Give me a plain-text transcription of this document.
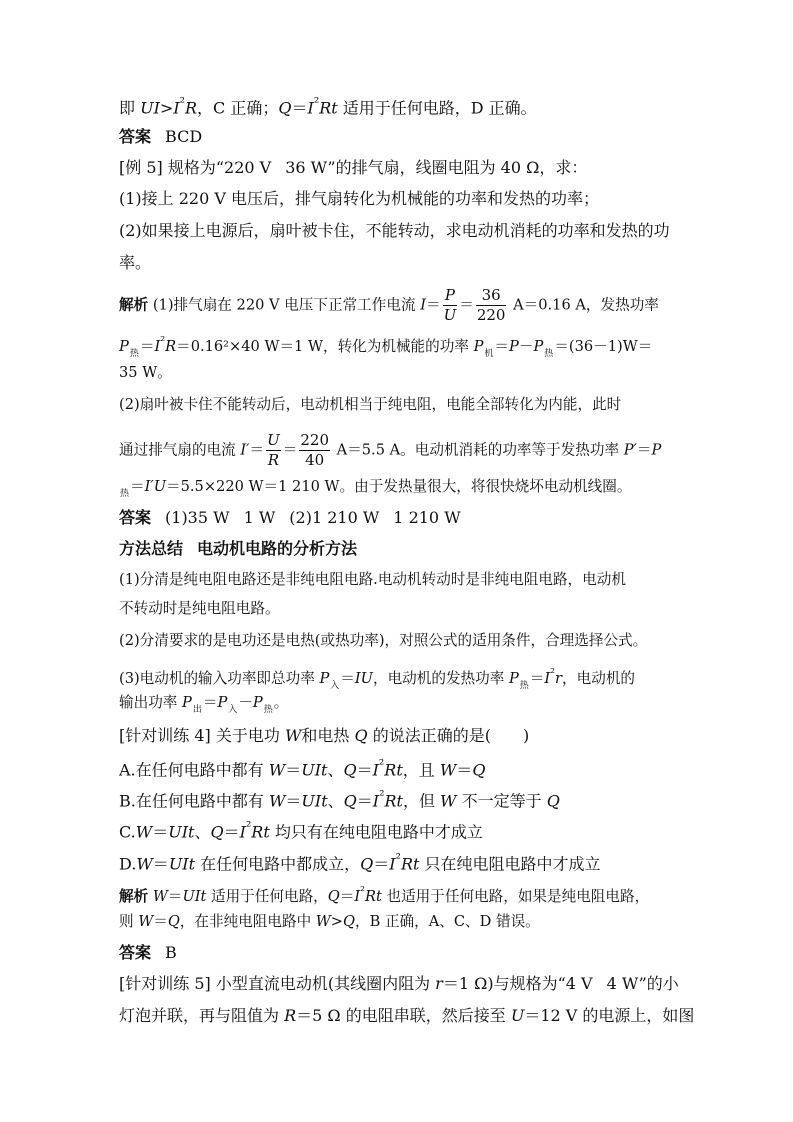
即 $UI>I^{^2}R$，C 正确；$Q=I^{^2}Rt$ 适用于任何电路，D 正确。
答案 BCD
[例 5] 规格为“220 V 36 W”的排气扇，线圈电阻为 40 Ω，求：
(1)接上 220 V 电压后，排气扇转化为机械能的功率和发热的功率；
(2)如果接上电源后，扇叶被卡住，不能转动，求电动机消耗的功率和发热的功
率。
解析 (1)排气扇在 220 V 电压下正常工作电流 $I= \frac{P}{U} = \frac{36}{220} A=0.16$ A，发热功率
$P_热=I^{^2}R=0.16^2\times 40$ W＝1 W，转化为机械能的功率 $P_机=P-P_热=(36-1)W=$
35 W。
(2)扇叶被卡住不能转动后，电动机相当于纯电阻，电能全部转化为内能，此时
通过排气扇的电流 $I'= \frac{U}{R} = \frac{220}{40} A=5.5$ A。电动机消耗的功率等于发热功率 P′＝P
$_热$＝I′U＝5.5×220 W＝1 210 W。由于发热量很大，将很快烧坏电动机线圈。
答案 (1)35 W 1 W (2)1 210 W 1 210 W
方法总结 电动机电路的分析方法
(1)分清是纯电阻电路还是非纯电阻电路.电动机转动时是非纯电阻电路，电动机
不转动时是纯电阻电路。
(2)分清要求的是电功还是电热(或热功率)，对照公式的适用条件，合理选择公式。
(3)电动机的输入功率即总功率 $P_入=IU$，电动机的发热功率 $P_热=I^{^2}r$，电动机的
输出功率 $P_出=P_入-P_热$。
[针对训练 4] 关于电功 W和电热 Q 的说法正确的是(　　)
A.在任何电路中都有 W＝UIt、$Q=I^{^2}Rt$，且 W＝Q
B.在任何电路中都有 W＝UIt、$Q=I^{^2}Rt$，但 W 不一定等于 Q
C.W＝UIt、$Q=I^{^2}Rt$ 均只有在纯电阻电路中才成立
D.W＝UIt 在任何电路中都成立，$Q=I^{^2}Rt$ 只在纯电阻电路中才成立
解析 W＝UIt 适用于任何电路，$Q=I^{^2}Rt$ 也适用于任何电路，如果是纯电阻电路，
则 W＝Q，在非纯电阻电路中 W>Q，B 正确，A、C、D 错误。
答案 B
[针对训练 5] 小型直流电动机(其线圈内阻为 r＝1 Ω)与规格为“4 V 4 W”的小
灯泡并联，再与阻值为 R＝5 Ω 的电阻串联，然后接至 U＝12 V 的电源上，如图
